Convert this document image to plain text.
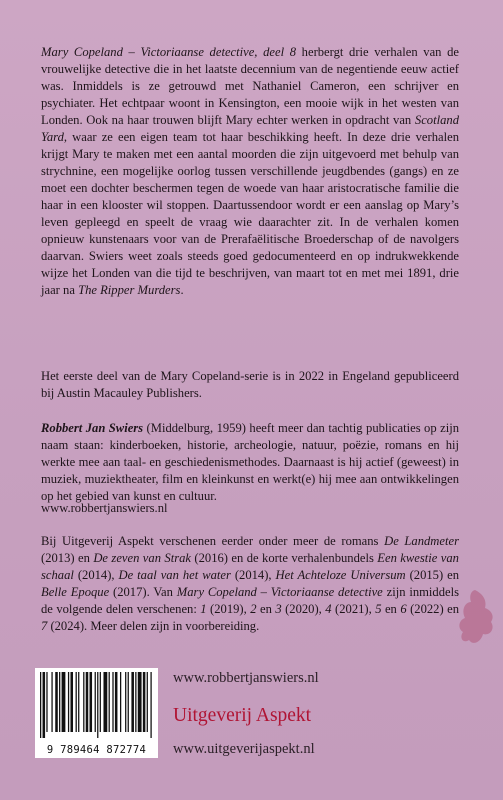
Mary Copeland – Victoriaanse detective, deel 8 herbergt drie verhalen van de vrouwelijke detective die in het laatste decennium van de negentiende eeuw actief was. Inmiddels is ze getrouwd met Nathaniel Cameron, een schrijver en psychiater. Het echtpaar woont in Kensington, een mooie wijk in het westen van Londen. Ook na haar trouwen blijft Mary echter werken in opdracht van Scotland Yard, waar ze een eigen team tot haar beschikking heeft. In deze drie verhalen krijgt Mary te maken met een aantal moorden die zijn uitgevoerd met behulp van strychnine, een mogelijke oorlog tussen verschillende jeugdbendes (gangs) en ze moet een dochter beschermen tegen de woede van haar aristocratische familie die haar in een klooster wil stoppen. Daartussendoor wordt er een aanslag op Mary’s leven gepleegd en speelt de vraag wie daarachter zit. In de verhalen komen opnieuw kunstenaars voor van de Prerafaëlitische Broederschap of de navolgers daarvan. Swiers weet zoals steeds goed gedocumenteerd en op indrukwekkende wijze het Londen van die tijd te beschrijven, van maart tot en met mei 1891, drie jaar na The Ripper Murders.

Het eerste deel van de Mary Copeland-serie is in 2022 in Engeland gepubliceerd bij Austin Macauley Publishers.

Robbert Jan Swiers (Middelburg, 1959) heeft meer dan tachtig publicaties op zijn naam staan: kinderboeken, historie, archeologie, natuur, poëzie, romans en hij werkte mee aan taal- en geschiedenismethodes. Daarnaast is hij actief (geweest) in muziek, muziektheater, film en kleinkunst en werkt(e) hij mee aan ontwikkelingen op het gebied van kunst en cultuur.

www.robbertjanswiers.nl

Bij Uitgeverij Aspekt verschenen eerder onder meer de romans De Landmeter (2013) en De zeven van Strak (2016) en de korte verhalenbundels Een kwestie van schaal (2014), De taal van het water (2014), Het Achteloze Universum (2015) en Belle Epoque (2017). Van Mary Copeland – Victoriaanse detective zijn inmiddels de volgende delen verschenen: 1 (2019), 2 en 3 (2020), 4 (2021), 5 en 6 (2022) en 7 (2024). Meer delen zijn in voorbereiding.

9 789464 872774
www.robbertjanswiers.nl
Uitgeverij Aspekt
www.uitgeverijaspekt.nl
